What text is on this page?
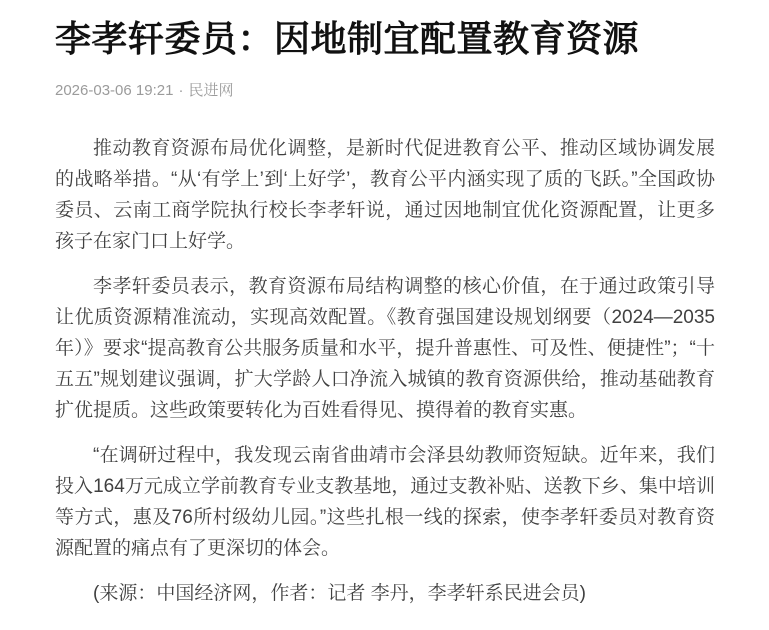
李孝轩委员：因地制宜配置教育资源
2026-03-06 19:21 · 民进网

推动教育资源布局优化调整，是新时代促进教育公平、推动区域协调发展的战略举措。“从‘有学上’到‘上好学’，教育公平内涵实现了质的飞跃。”全国政协委员、云南工商学院执行校长李孝轩说，通过因地制宜优化资源配置，让更多孩子在家门口上好学。

李孝轩委员表示，教育资源布局结构调整的核心价值，在于通过政策引导让优质资源精准流动，实现高效配置。《教育强国建设规划纲要（2024—2035年）》要求“提高教育公共服务质量和水平，提升普惠性、可及性、便捷性”；“十五五”规划建议强调，扩大学龄人口净流入城镇的教育资源供给，推动基础教育扩优提质。这些政策要转化为百姓看得见、摸得着的教育实惠。

“在调研过程中，我发现云南省曲靖市会泽县幼教师资短缺。近年来，我们投入164万元成立学前教育专业支教基地，通过支教补贴、送教下乡、集中培训等方式，惠及76所村级幼儿园。”这些扎根一线的探索，使李孝轩委员对教育资源配置的痛点有了更深切的体会。

(来源：中国经济网，作者：记者 李丹，李孝轩系民进会员)
